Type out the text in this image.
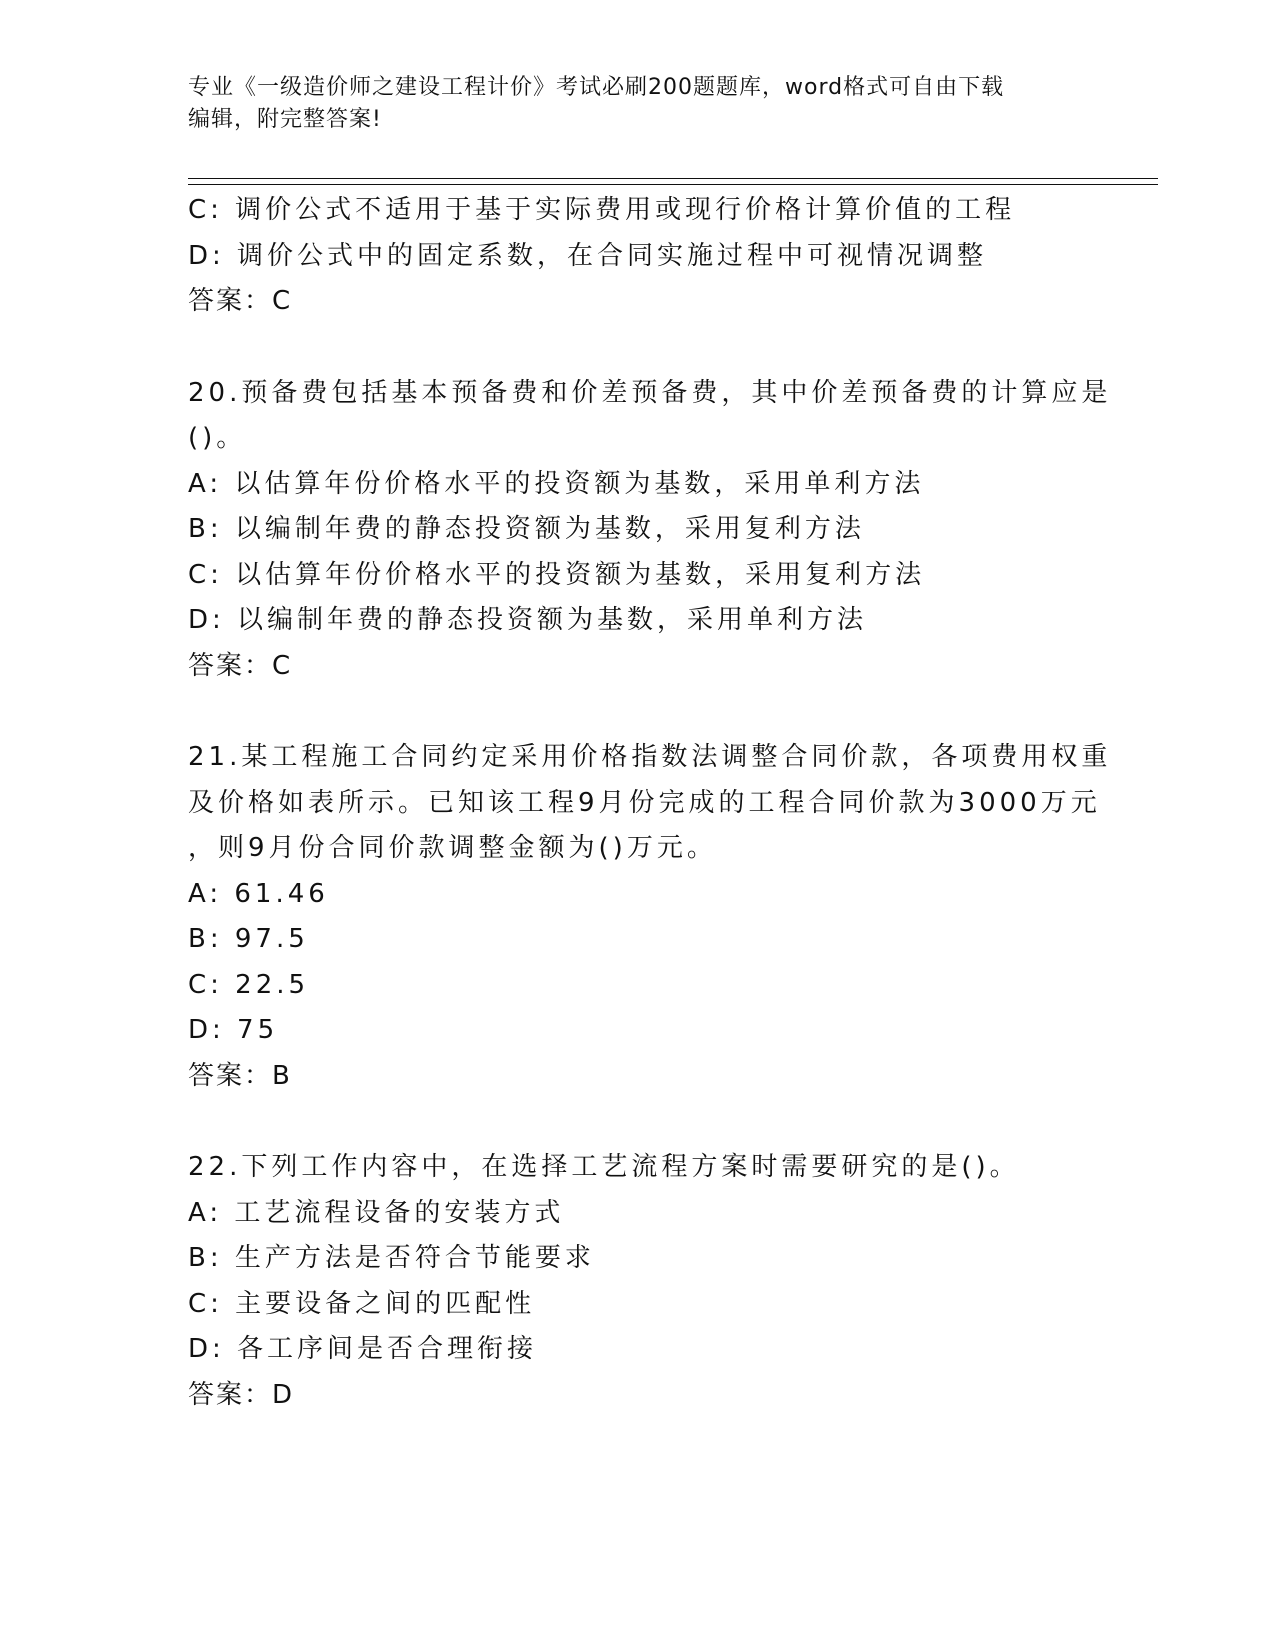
专业《一级造价师之建设工程计价》考试必刷200题题库，word格式可自由下载
编辑，附完整答案!

C: 调价公式不适用于基于实际费用或现行价格计算价值的工程

D: 调价公式中的固定系数，在合同实施过程中可视情况调整

答案：C

20.预备费包括基本预备费和价差预备费，其中价差预备费的计算应是

()。

A: 以估算年份价格水平的投资额为基数，采用单利方法

B: 以编制年费的静态投资额为基数，采用复利方法

C: 以估算年份价格水平的投资额为基数，采用复利方法

D: 以编制年费的静态投资额为基数，采用单利方法

答案：C

21.某工程施工合同约定采用价格指数法调整合同价款，各项费用权重

及价格如表所示。已知该工程9月份完成的工程合同价款为3000万元

，则9月份合同价款调整金额为()万元。

A: 61.46

B: 97.5

C: 22.5

D: 75

答案：B

22.下列工作内容中，在选择工艺流程方案时需要研究的是()。

A: 工艺流程设备的安装方式

B: 生产方法是否符合节能要求

C: 主要设备之间的匹配性

D: 各工序间是否合理衔接

答案：D
